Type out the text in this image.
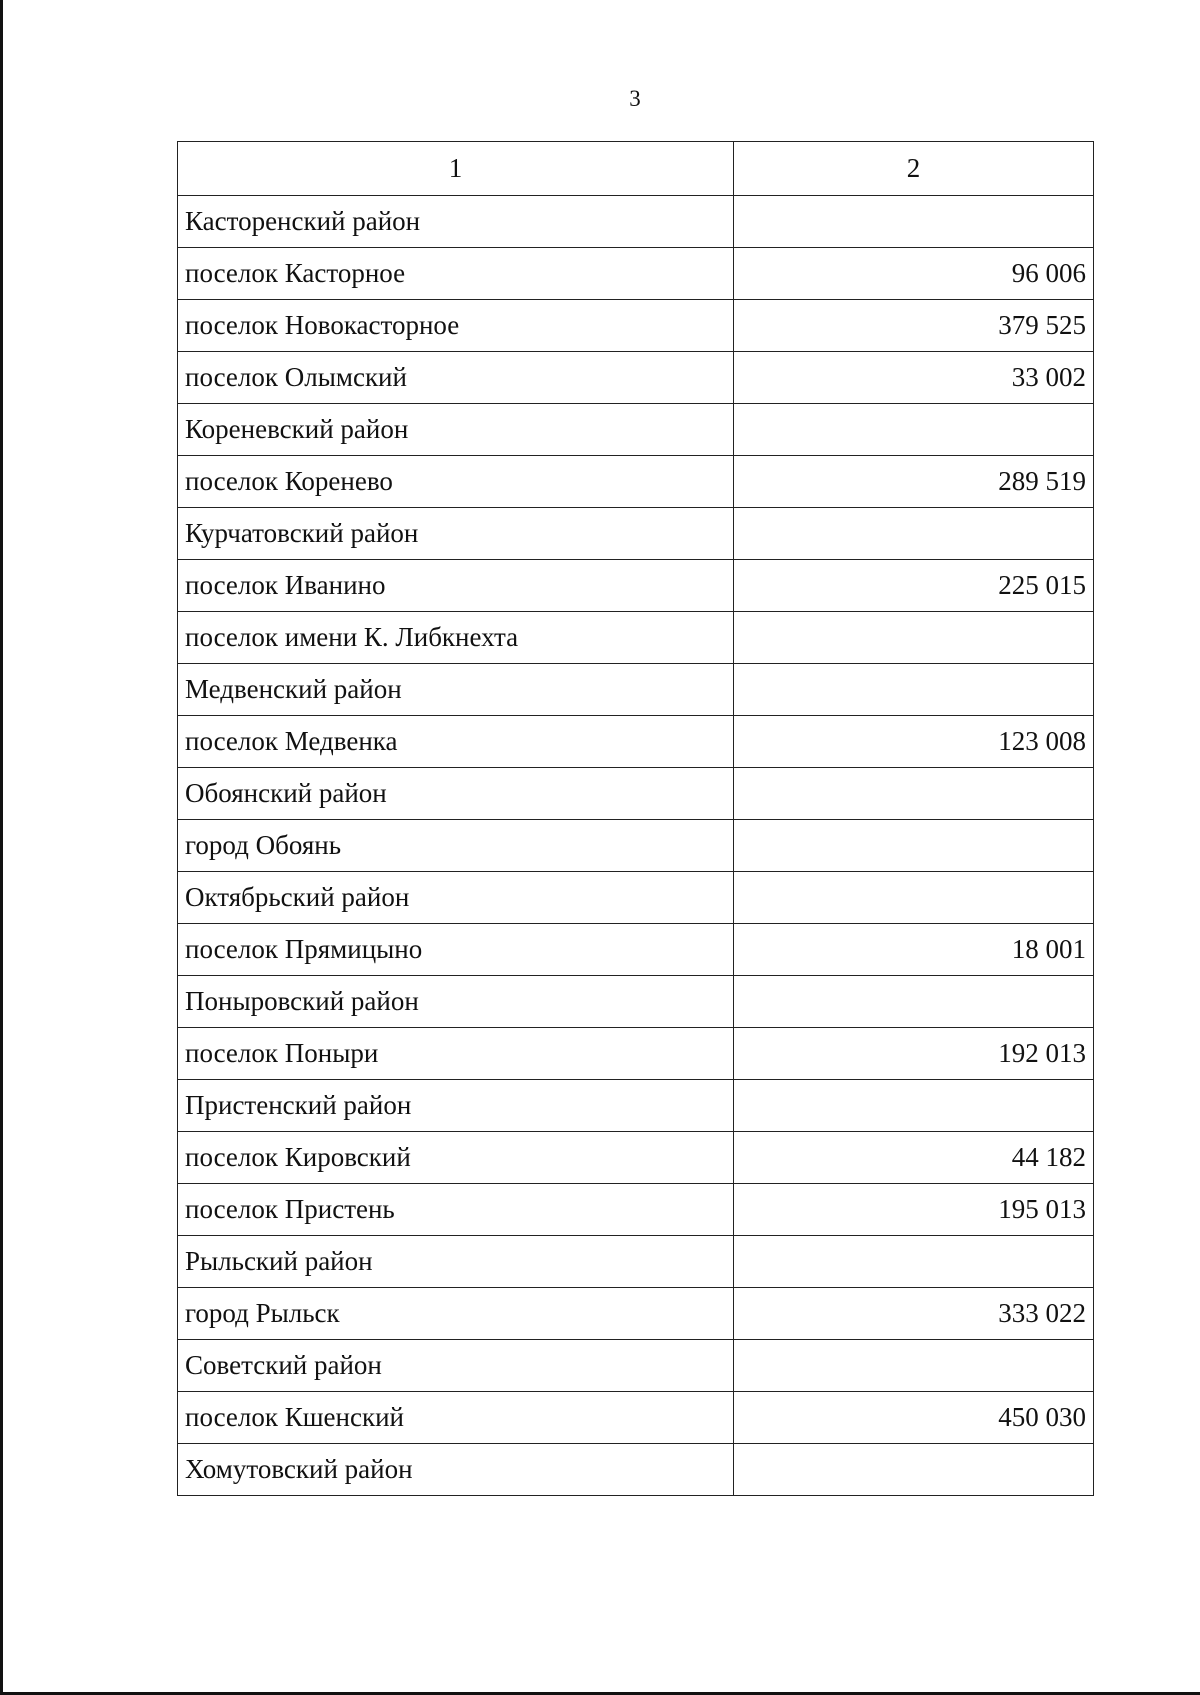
3
1	2
Касторенский район	
поселок Касторное	96 006
поселок Новокасторное	379 525
поселок Олымский	33 002
Кореневский район	
поселок Коренево	289 519
Курчатовский район	
поселок Иванино	225 015
поселок имени К. Либкнехта	
Медвенский район	
поселок Медвенка	123 008
Обоянский район	
город Обоянь	
Октябрьский район	
поселок Прямицыно	18 001
Поныровский район	
поселок Поныри	192 013
Пристенский район	
поселок Кировский	44 182
поселок Пристень	195 013
Рыльский район	
город Рыльск	333 022
Советский район	
поселок Кшенский	450 030
Хомутовский район	
